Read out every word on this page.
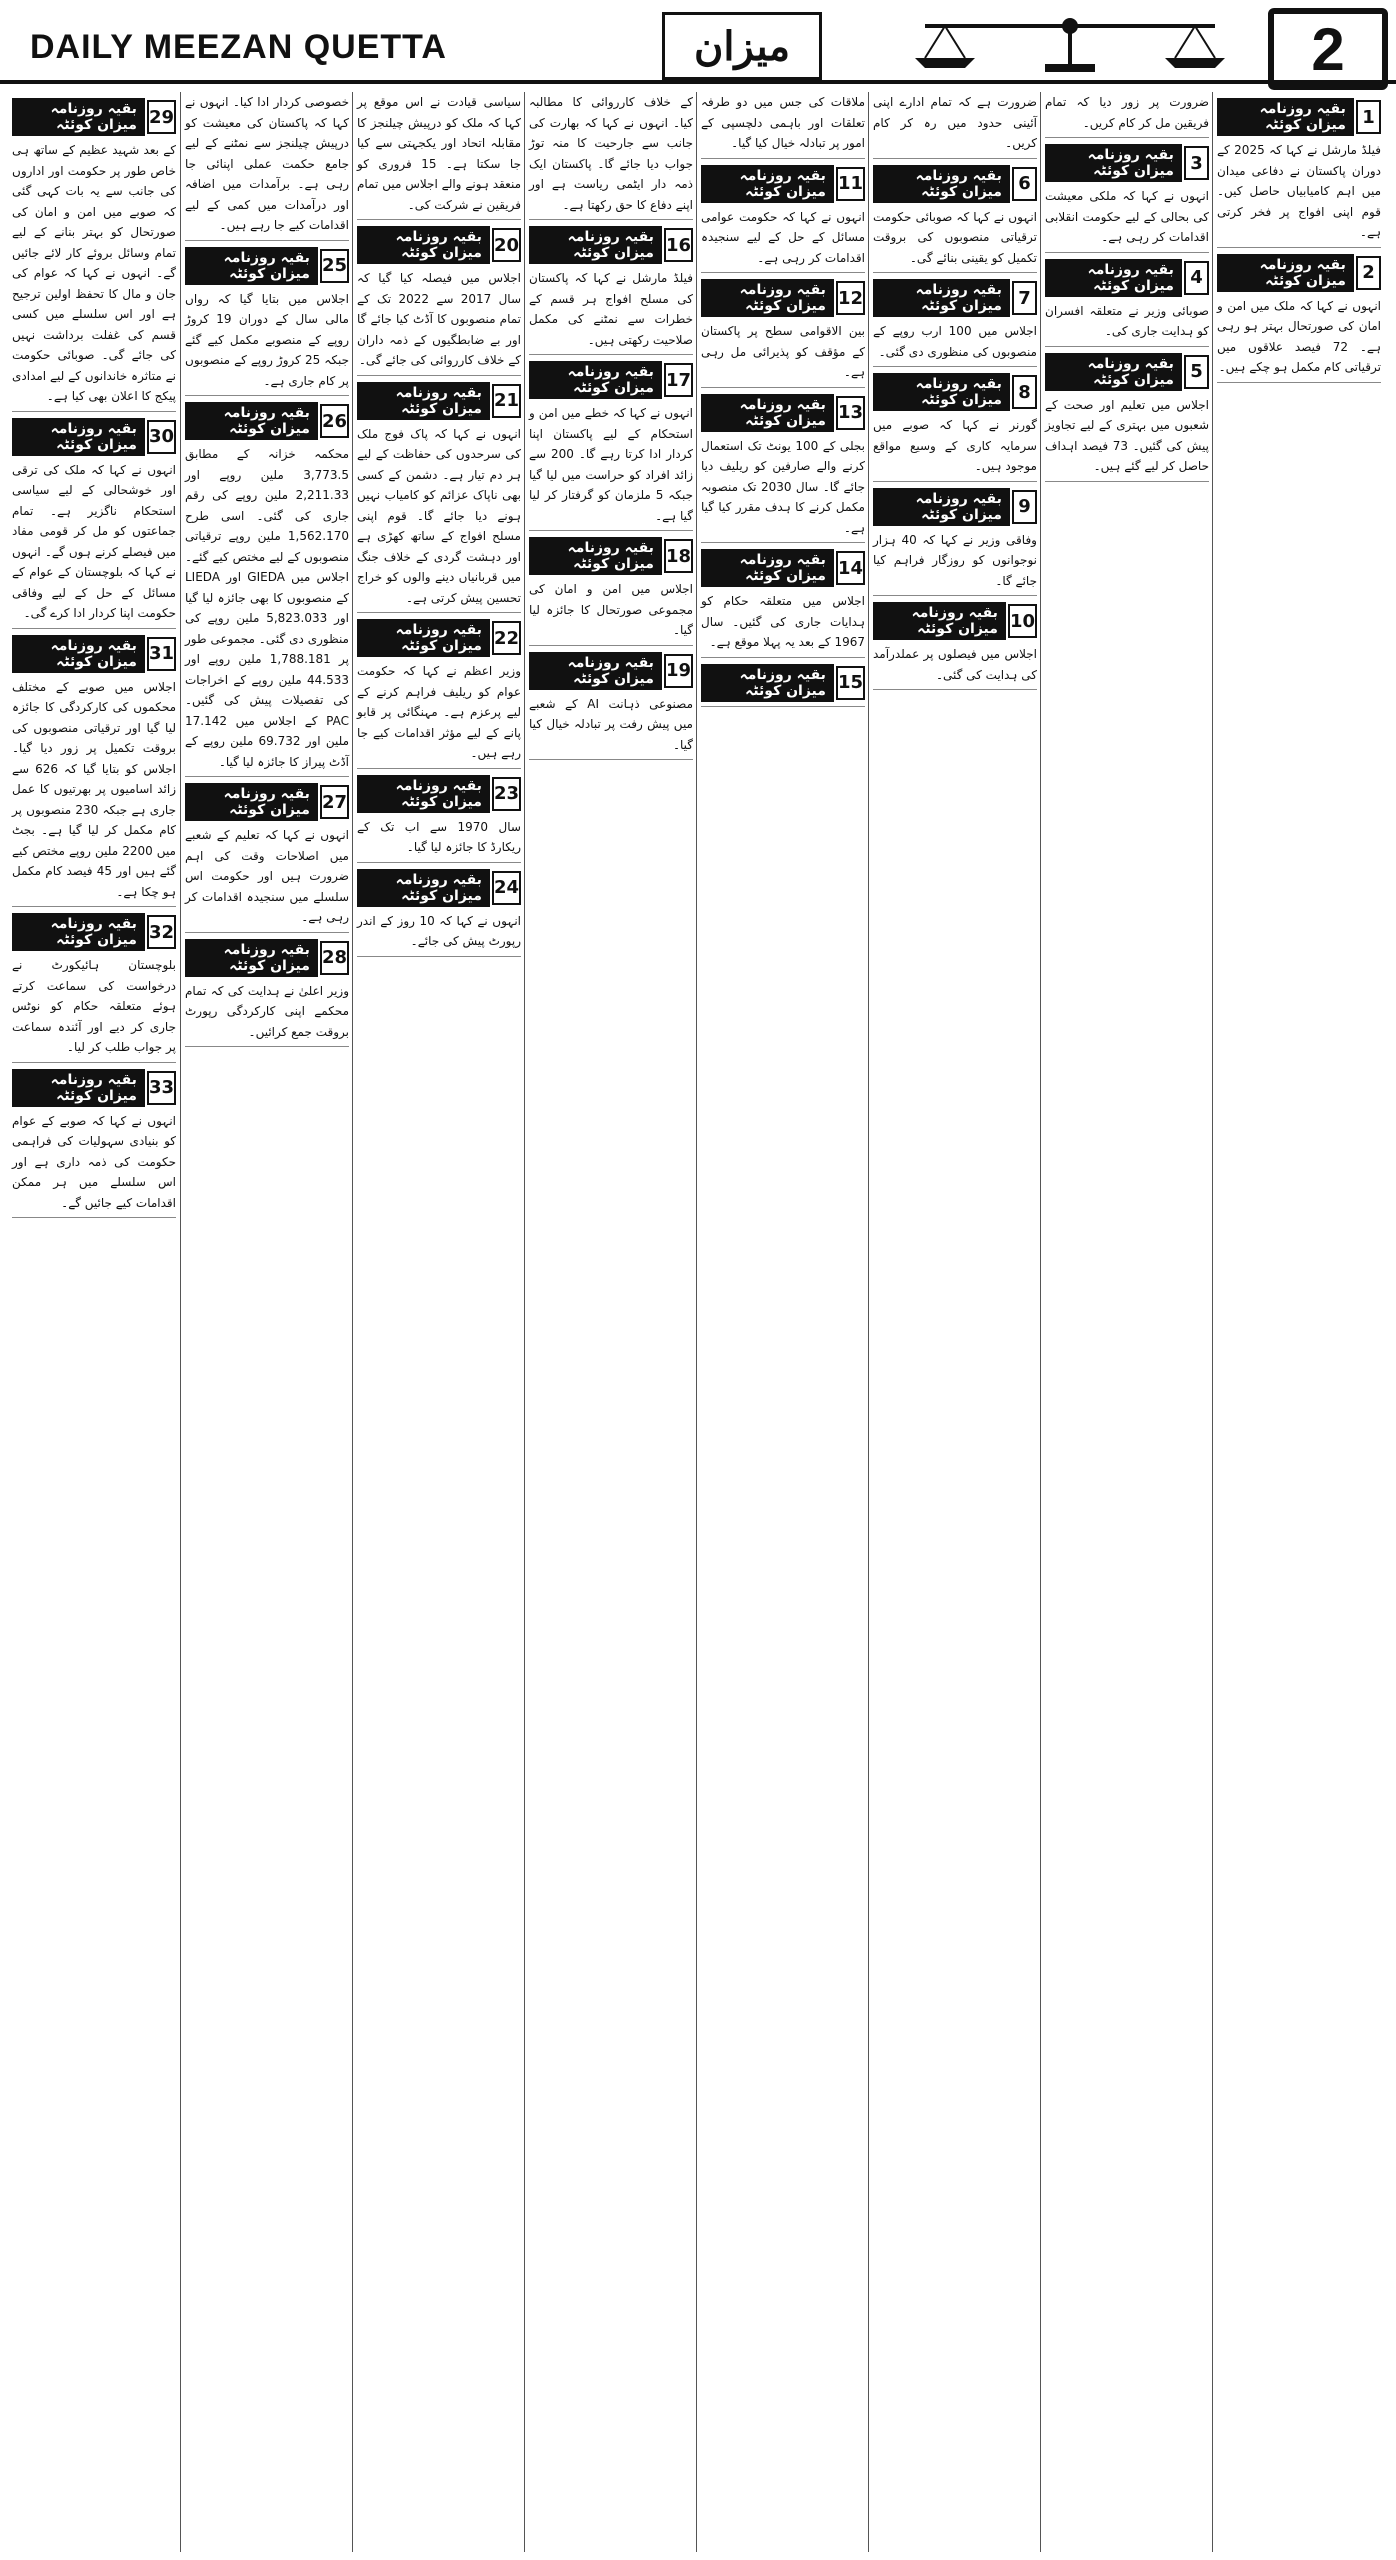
DAILY MEEZAN QUETTA	میزان	2
بقیہ روزنامہ میزان کوئٹہ 29

کے بعد شہید عظیم کے ساتھ ہی خاص طور پر حکومت اور اداروں کی جانب سے یہ بات کہی گئی کہ صوبے میں امن و امان کی صورتحال کو بہتر بنانے کے لیے تمام وسائل بروئے کار لائے جائیں گے۔ انہوں نے کہا کہ عوام کی جان و مال کا تحفظ اولین ترجیح ہے اور اس سلسلے میں کسی قسم کی غفلت برداشت نہیں کی جائے گی۔ صوبائی حکومت نے متاثرہ خاندانوں کے لیے امدادی پیکج کا اعلان بھی کیا ہے۔

بقیہ روزنامہ میزان کوئٹہ 30

انہوں نے کہا کہ ملک کی ترقی اور خوشحالی کے لیے سیاسی استحکام ناگزیر ہے۔ تمام جماعتوں کو مل کر قومی مفاد میں فیصلے کرنے ہوں گے۔ انہوں نے کہا کہ بلوچستان کے عوام کے مسائل کے حل کے لیے وفاقی حکومت اپنا کردار ادا کرے گی۔

بقیہ روزنامہ میزان کوئٹہ 31

اجلاس میں صوبے کے مختلف محکموں کی کارکردگی کا جائزہ لیا گیا اور ترقیاتی منصوبوں کی بروقت تکمیل پر زور دیا گیا۔ اجلاس کو بتایا گیا کہ 626 سے زائد اسامیوں پر بھرتیوں کا عمل جاری ہے جبکہ 230 منصوبوں پر کام مکمل کر لیا گیا ہے۔ بجٹ میں 2200 ملین روپے مختص کیے گئے ہیں اور 45 فیصد کام مکمل ہو چکا ہے۔

بقیہ روزنامہ میزان کوئٹہ 32

بلوچستان ہائیکورٹ نے درخواست کی سماعت کرتے ہوئے متعلقہ حکام کو نوٹس جاری کر دیے اور آئندہ سماعت پر جواب طلب کر لیا۔

بقیہ روزنامہ میزان کوئٹہ 33

انہوں نے کہا کہ صوبے کے عوام کو بنیادی سہولیات کی فراہمی حکومت کی ذمہ داری ہے اور اس سلسلے میں ہر ممکن اقدامات کیے جائیں گے۔

خصوصی کردار ادا کیا۔ انہوں نے کہا کہ پاکستان کی معیشت کو درپیش چیلنجز سے نمٹنے کے لیے جامع حکمت عملی اپنائی جا رہی ہے۔ برآمدات میں اضافہ اور درآمدات میں کمی کے لیے اقدامات کیے جا رہے ہیں۔

بقیہ روزنامہ میزان کوئٹہ 25

اجلاس میں بتایا گیا کہ رواں مالی سال کے دوران 19 کروڑ روپے کے منصوبے مکمل کیے گئے جبکہ 25 کروڑ روپے کے منصوبوں پر کام جاری ہے۔

بقیہ روزنامہ میزان کوئٹہ 26

محکمہ خزانہ کے مطابق 3,773.5 ملین روپے اور 2,211.33 ملین روپے کی رقم جاری کی گئی۔ اسی طرح 1,562.170 ملین روپے ترقیاتی منصوبوں کے لیے مختص کیے گئے۔ اجلاس میں GIEDA اور LIEDA کے منصوبوں کا بھی جائزہ لیا گیا اور 5,823.033 ملین روپے کی منظوری دی گئی۔ مجموعی طور پر 1,788.181 ملین روپے اور 44.533 ملین روپے کے اخراجات کی تفصیلات پیش کی گئیں۔ PAC کے اجلاس میں 17.142 ملین اور 69.732 ملین روپے کے آڈٹ پیراز کا جائزہ لیا گیا۔

بقیہ روزنامہ میزان کوئٹہ 27

انہوں نے کہا کہ تعلیم کے شعبے میں اصلاحات وقت کی اہم ضرورت ہیں اور حکومت اس سلسلے میں سنجیدہ اقدامات کر رہی ہے۔

بقیہ روزنامہ میزان کوئٹہ 28

وزیر اعلیٰ نے ہدایت کی کہ تمام محکمے اپنی کارکردگی رپورٹ بروقت جمع کرائیں۔

سیاسی قیادت نے اس موقع پر کہا کہ ملک کو درپیش چیلنجز کا مقابلہ اتحاد اور یکجہتی سے کیا جا سکتا ہے۔ 15 فروری کو منعقد ہونے والے اجلاس میں تمام فریقین نے شرکت کی۔

بقیہ روزنامہ میزان کوئٹہ 20

اجلاس میں فیصلہ کیا گیا کہ سال 2017 سے 2022 تک کے تمام منصوبوں کا آڈٹ کیا جائے گا اور بے ضابطگیوں کے ذمہ داران کے خلاف کارروائی کی جائے گی۔

بقیہ روزنامہ میزان کوئٹہ 21

انہوں نے کہا کہ پاک فوج ملک کی سرحدوں کی حفاظت کے لیے ہر دم تیار ہے۔ دشمن کے کسی بھی ناپاک عزائم کو کامیاب نہیں ہونے دیا جائے گا۔ قوم اپنی مسلح افواج کے ساتھ کھڑی ہے اور دہشت گردی کے خلاف جنگ میں قربانیاں دینے والوں کو خراج تحسین پیش کرتی ہے۔

بقیہ روزنامہ میزان کوئٹہ 22

وزیر اعظم نے کہا کہ حکومت عوام کو ریلیف فراہم کرنے کے لیے پرعزم ہے۔ مہنگائی پر قابو پانے کے لیے مؤثر اقدامات کیے جا رہے ہیں۔

بقیہ روزنامہ میزان کوئٹہ 23

سال 1970 سے اب تک کے ریکارڈ کا جائزہ لیا گیا۔

بقیہ روزنامہ میزان کوئٹہ 24

انہوں نے کہا کہ 10 روز کے اندر رپورٹ پیش کی جائے۔

کے خلاف کارروائی کا مطالبہ کیا۔ انہوں نے کہا کہ بھارت کی جانب سے جارحیت کا منہ توڑ جواب دیا جائے گا۔ پاکستان ایک ذمہ دار ایٹمی ریاست ہے اور اپنے دفاع کا حق رکھتا ہے۔

بقیہ روزنامہ میزان کوئٹہ 16

فیلڈ مارشل نے کہا کہ پاکستان کی مسلح افواج ہر قسم کے خطرات سے نمٹنے کی مکمل صلاحیت رکھتی ہیں۔

بقیہ روزنامہ میزان کوئٹہ 17

انہوں نے کہا کہ خطے میں امن و استحکام کے لیے پاکستان اپنا کردار ادا کرتا رہے گا۔ 200 سے زائد افراد کو حراست میں لیا گیا جبکہ 5 ملزمان کو گرفتار کر لیا گیا ہے۔

بقیہ روزنامہ میزان کوئٹہ 18

اجلاس میں امن و امان کی مجموعی صورتحال کا جائزہ لیا گیا۔

بقیہ روزنامہ میزان کوئٹہ 19

مصنوعی ذہانت AI کے شعبے میں پیش رفت پر تبادلہ خیال کیا گیا۔

ملاقات کی جس میں دو طرفہ تعلقات اور باہمی دلچسپی کے امور پر تبادلہ خیال کیا گیا۔

بقیہ روزنامہ میزان کوئٹہ 11

انہوں نے کہا کہ حکومت عوامی مسائل کے حل کے لیے سنجیدہ اقدامات کر رہی ہے۔

بقیہ روزنامہ میزان کوئٹہ 12

بین الاقوامی سطح پر پاکستان کے مؤقف کو پذیرائی مل رہی ہے۔

بقیہ روزنامہ میزان کوئٹہ 13

بجلی کے 100 یونٹ تک استعمال کرنے والے صارفین کو ریلیف دیا جائے گا۔ سال 2030 تک منصوبہ مکمل کرنے کا ہدف مقرر کیا گیا ہے۔

بقیہ روزنامہ میزان کوئٹہ 14

اجلاس میں متعلقہ حکام کو ہدایات جاری کی گئیں۔ سال 1967 کے بعد یہ پہلا موقع ہے۔

بقیہ روزنامہ میزان کوئٹہ 15

ضرورت ہے کہ تمام ادارے اپنی آئینی حدود میں رہ کر کام کریں۔

بقیہ روزنامہ میزان کوئٹہ 6

انہوں نے کہا کہ صوبائی حکومت ترقیاتی منصوبوں کی بروقت تکمیل کو یقینی بنائے گی۔

بقیہ روزنامہ میزان کوئٹہ 7

اجلاس میں 100 ارب روپے کے منصوبوں کی منظوری دی گئی۔

بقیہ روزنامہ میزان کوئٹہ 8

گورنر نے کہا کہ صوبے میں سرمایہ کاری کے وسیع مواقع موجود ہیں۔

بقیہ روزنامہ میزان کوئٹہ 9

وفاقی وزیر نے کہا کہ 40 ہزار نوجوانوں کو روزگار فراہم کیا جائے گا۔

بقیہ روزنامہ میزان کوئٹہ 10

اجلاس میں فیصلوں پر عملدرآمد کی ہدایت کی گئی۔

ضرورت پر زور دیا کہ تمام فریقین مل کر کام کریں۔

بقیہ روزنامہ میزان کوئٹہ 3

انہوں نے کہا کہ ملکی معیشت کی بحالی کے لیے حکومت انقلابی اقدامات کر رہی ہے۔

بقیہ روزنامہ میزان کوئٹہ 4

صوبائی وزیر نے متعلقہ افسران کو ہدایت جاری کی۔

بقیہ روزنامہ میزان کوئٹہ 5

اجلاس میں تعلیم اور صحت کے شعبوں میں بہتری کے لیے تجاویز پیش کی گئیں۔ 73 فیصد اہداف حاصل کر لیے گئے ہیں۔

بقیہ روزنامہ میزان کوئٹہ 1

فیلڈ مارشل نے کہا کہ 2025 کے دوران پاکستان نے دفاعی میدان میں اہم کامیابیاں حاصل کیں۔ قوم اپنی افواج پر فخر کرتی ہے۔

بقیہ روزنامہ میزان کوئٹہ 2

انہوں نے کہا کہ ملک میں امن و امان کی صورتحال بہتر ہو رہی ہے۔ 72 فیصد علاقوں میں ترقیاتی کام مکمل ہو چکے ہیں۔
